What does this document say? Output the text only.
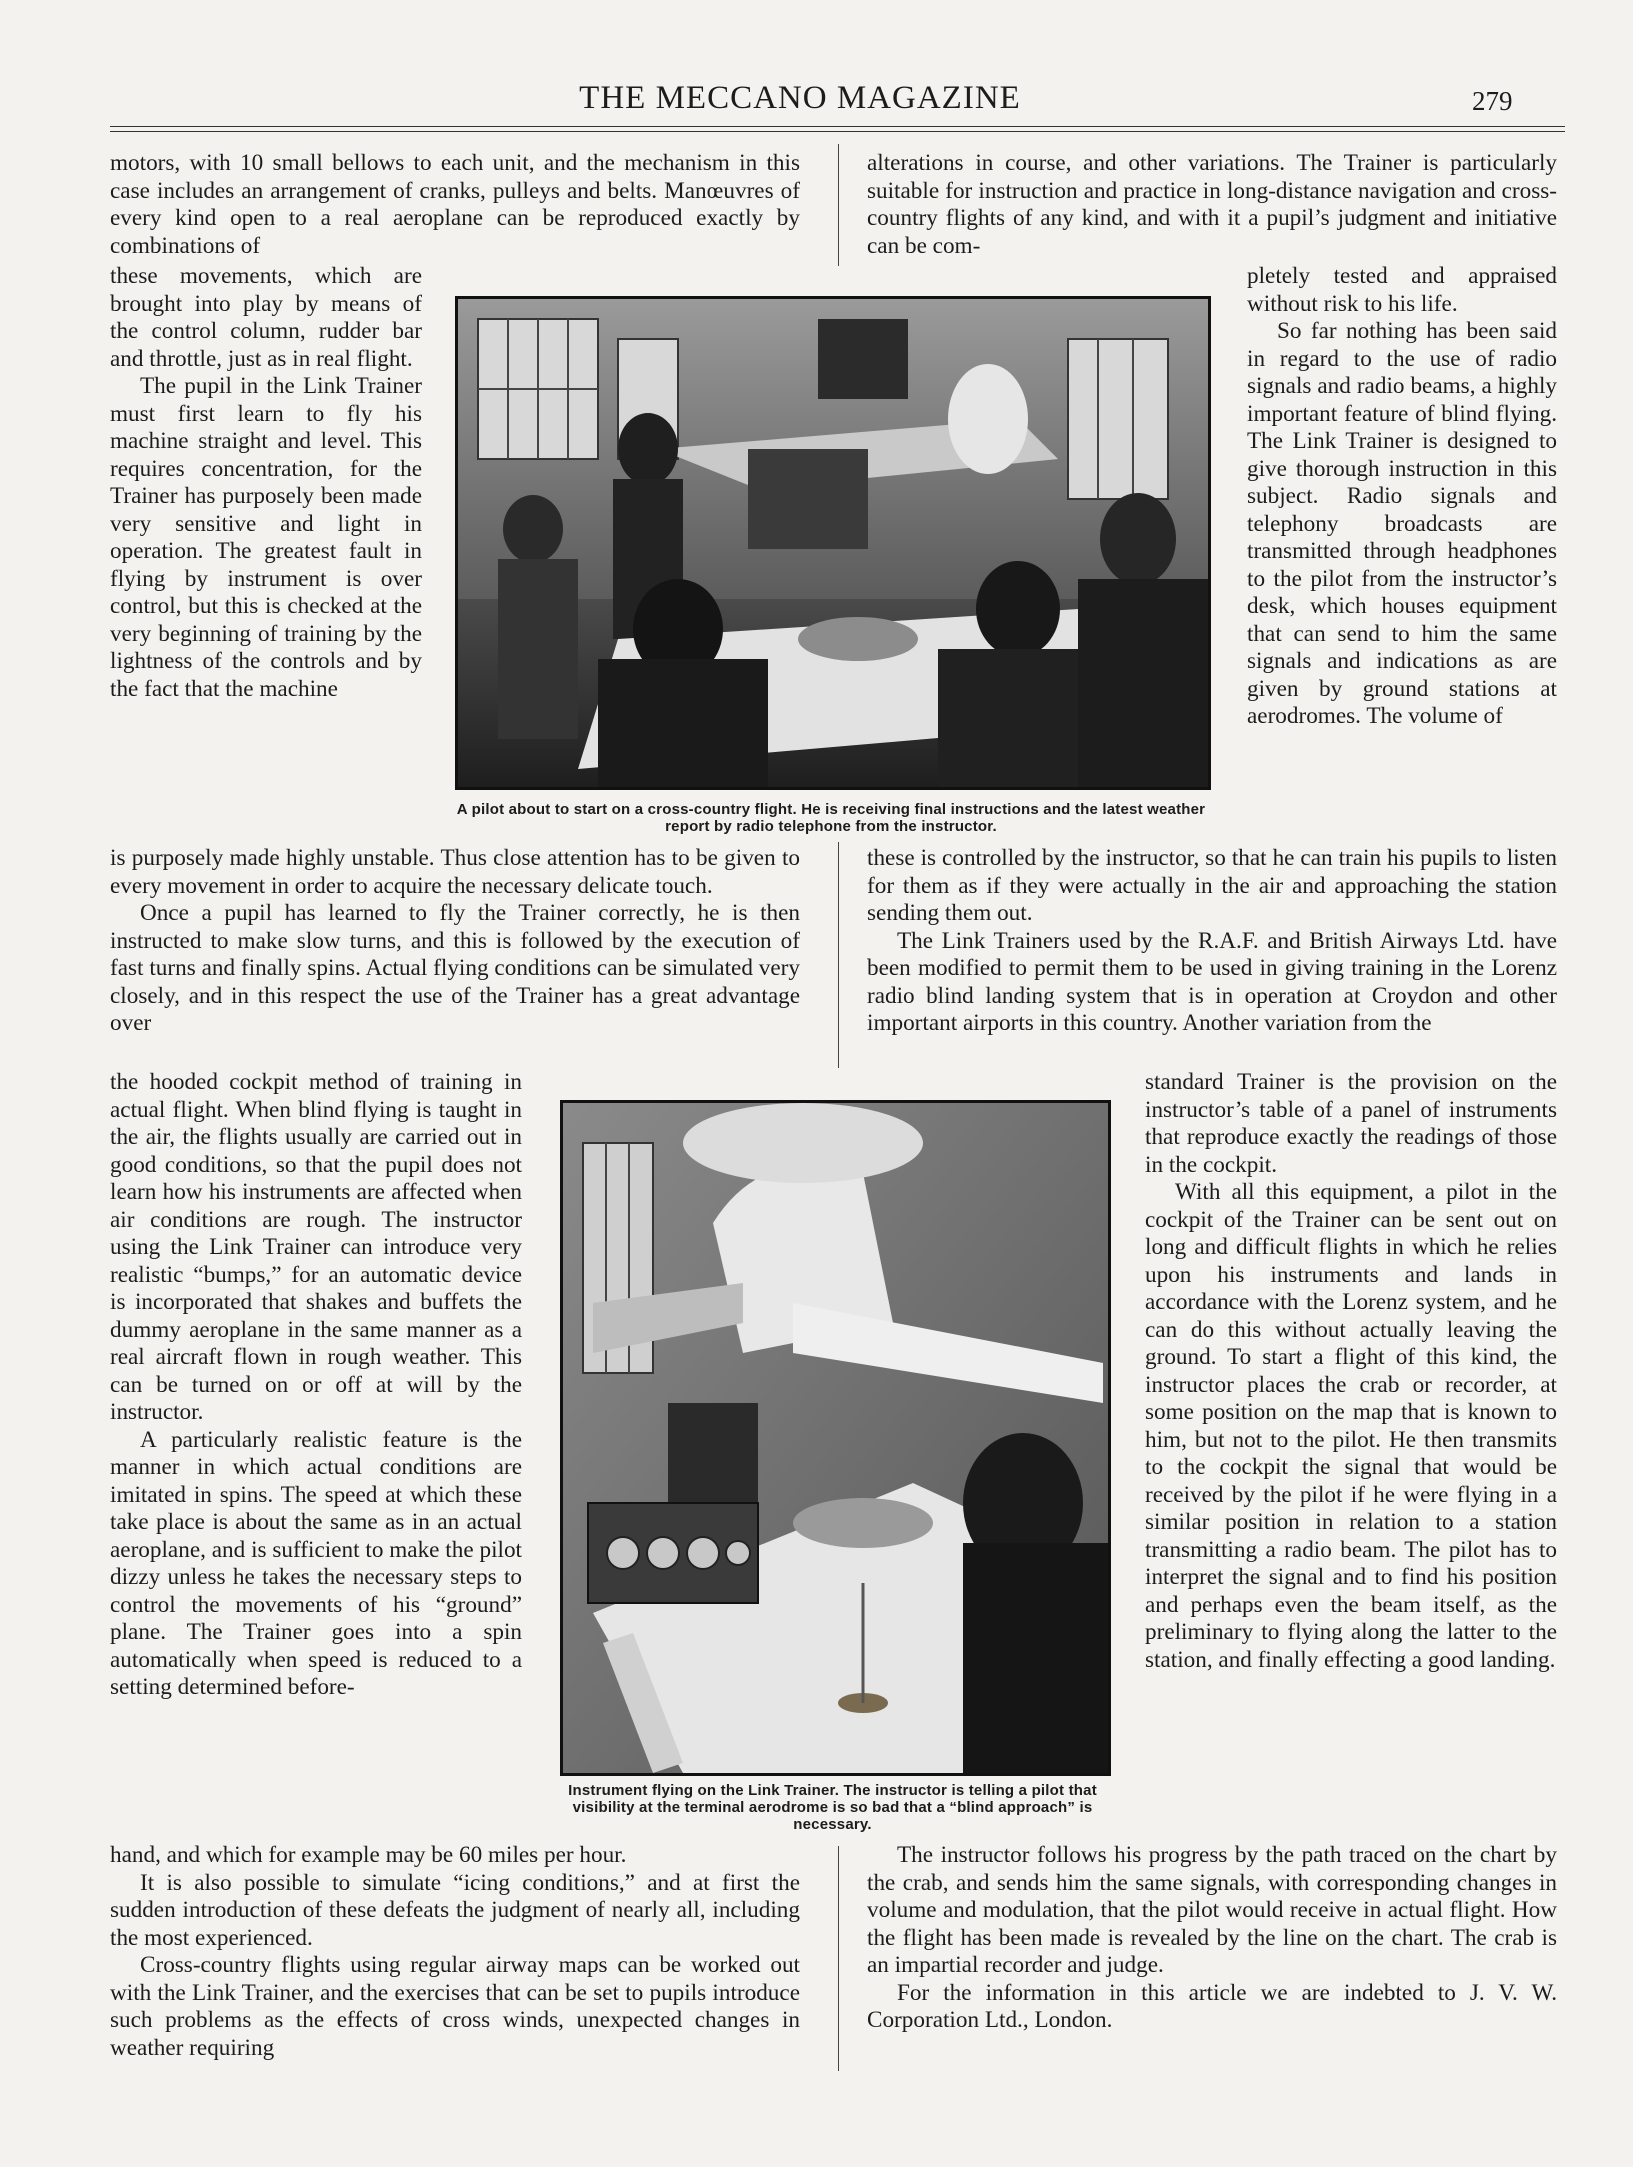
THE MECCANO MAGAZINE	279

motors, with 10 small bellows to each unit, and the mechanism in this case includes an arrangement of cranks, pulleys and belts. Manœuvres of every kind open to a real aeroplane can be reproduced exactly by combinations of

these movements, which are brought into play by means of the control column, rudder bar and throttle, just as in real flight.

The pupil in the Link Trainer must first learn to fly his machine straight and level. This requires concentration, for the Trainer has purposely been made very sensitive and light in operation. The greatest fault in flying by instrument is over control, but this is checked at the very beginning of training by the lightness of the controls and by the fact that the machine

is purposely made highly unstable. Thus close attention has to be given to every movement in order to acquire the necessary delicate touch.

Once a pupil has learned to fly the Trainer correctly, he is then instructed to make slow turns, and this is followed by the execution of fast turns and finally spins. Actual flying conditions can be simulated very closely, and in this respect the use of the Trainer has a great advantage over

the hooded cockpit method of training in actual flight. When blind flying is taught in the air, the flights usually are carried out in good conditions, so that the pupil does not learn how his instruments are affected when air conditions are rough. The instructor using the Link Trainer can introduce very realistic “bumps,” for an automatic device is incorporated that shakes and buffets the dummy aeroplane in the same manner as a real aircraft flown in rough weather. This can be turned on or off at will by the instructor.

A particularly realistic feature is the manner in which actual conditions are imitated in spins. The speed at which these take place is about the same as in an actual aeroplane, and is sufficient to make the pilot dizzy unless he takes the necessary steps to control the movements of his “ground” plane. The Trainer goes into a spin automatically when speed is reduced to a setting determined before-

hand, and which for example may be 60 miles per hour.

It is also possible to simulate “icing conditions,” and at first the sudden introduction of these defeats the judgment of nearly all, including the most experienced.

Cross-country flights using regular airway maps can be worked out with the Link Trainer, and the exercises that can be set to pupils introduce such problems as the effects of cross winds, unexpected changes in weather requiring

alterations in course, and other variations. The Trainer is particularly suitable for instruction and practice in long-distance navigation and cross-country flights of any kind, and with it a pupil’s judgment and initiative can be com-

pletely tested and appraised without risk to his life.

So far nothing has been said in regard to the use of radio signals and radio beams, a highly important feature of blind flying. The Link Trainer is designed to give thorough instruction in this subject. Radio signals and telephony broadcasts are transmitted through headphones to the pilot from the instructor’s desk, which houses equipment that can send to him the same signals and indications as are given by ground stations at aerodromes. The volume of

these is controlled by the instructor, so that he can train his pupils to listen for them as if they were actually in the air and approaching the station sending them out.

The Link Trainers used by the R.A.F. and British Airways Ltd. have been modified to permit them to be used in giving training in the Lorenz radio blind landing system that is in operation at Croydon and other important airports in this country. Another variation from the

standard Trainer is the provision on the instructor’s table of a panel of instruments that reproduce exactly the readings of those in the cockpit.

With all this equipment, a pilot in the cockpit of the Trainer can be sent out on long and difficult flights in which he relies upon his instruments and lands in accordance with the Lorenz system, and he can do this without actually leaving the ground. To start a flight of this kind, the instructor places the crab or recorder, at some position on the map that is known to him, but not to the pilot. He then transmits to the cockpit the signal that would be received by the pilot if he were flying in a similar position in relation to a station transmitting a radio beam. The pilot has to interpret the signal and to find his position and perhaps even the beam itself, as the preliminary to flying along the latter to the station, and finally effecting a good landing.

The instructor follows his progress by the path traced on the chart by the crab, and sends him the same signals, with corresponding changes in volume and modulation, that the pilot would receive in actual flight. How the flight has been made is revealed by the line on the chart. The crab is an impartial recorder and judge.

For the information in this article we are indebted to J. V. W. Corporation Ltd., London.

A pilot about to start on a cross-country flight. He is receiving final instructions and the latest weather report by radio telephone from the instructor.
Instrument flying on the Link Trainer. The instructor is telling a pilot that visibility at the terminal aerodrome is so bad that a “blind approach” is necessary.
